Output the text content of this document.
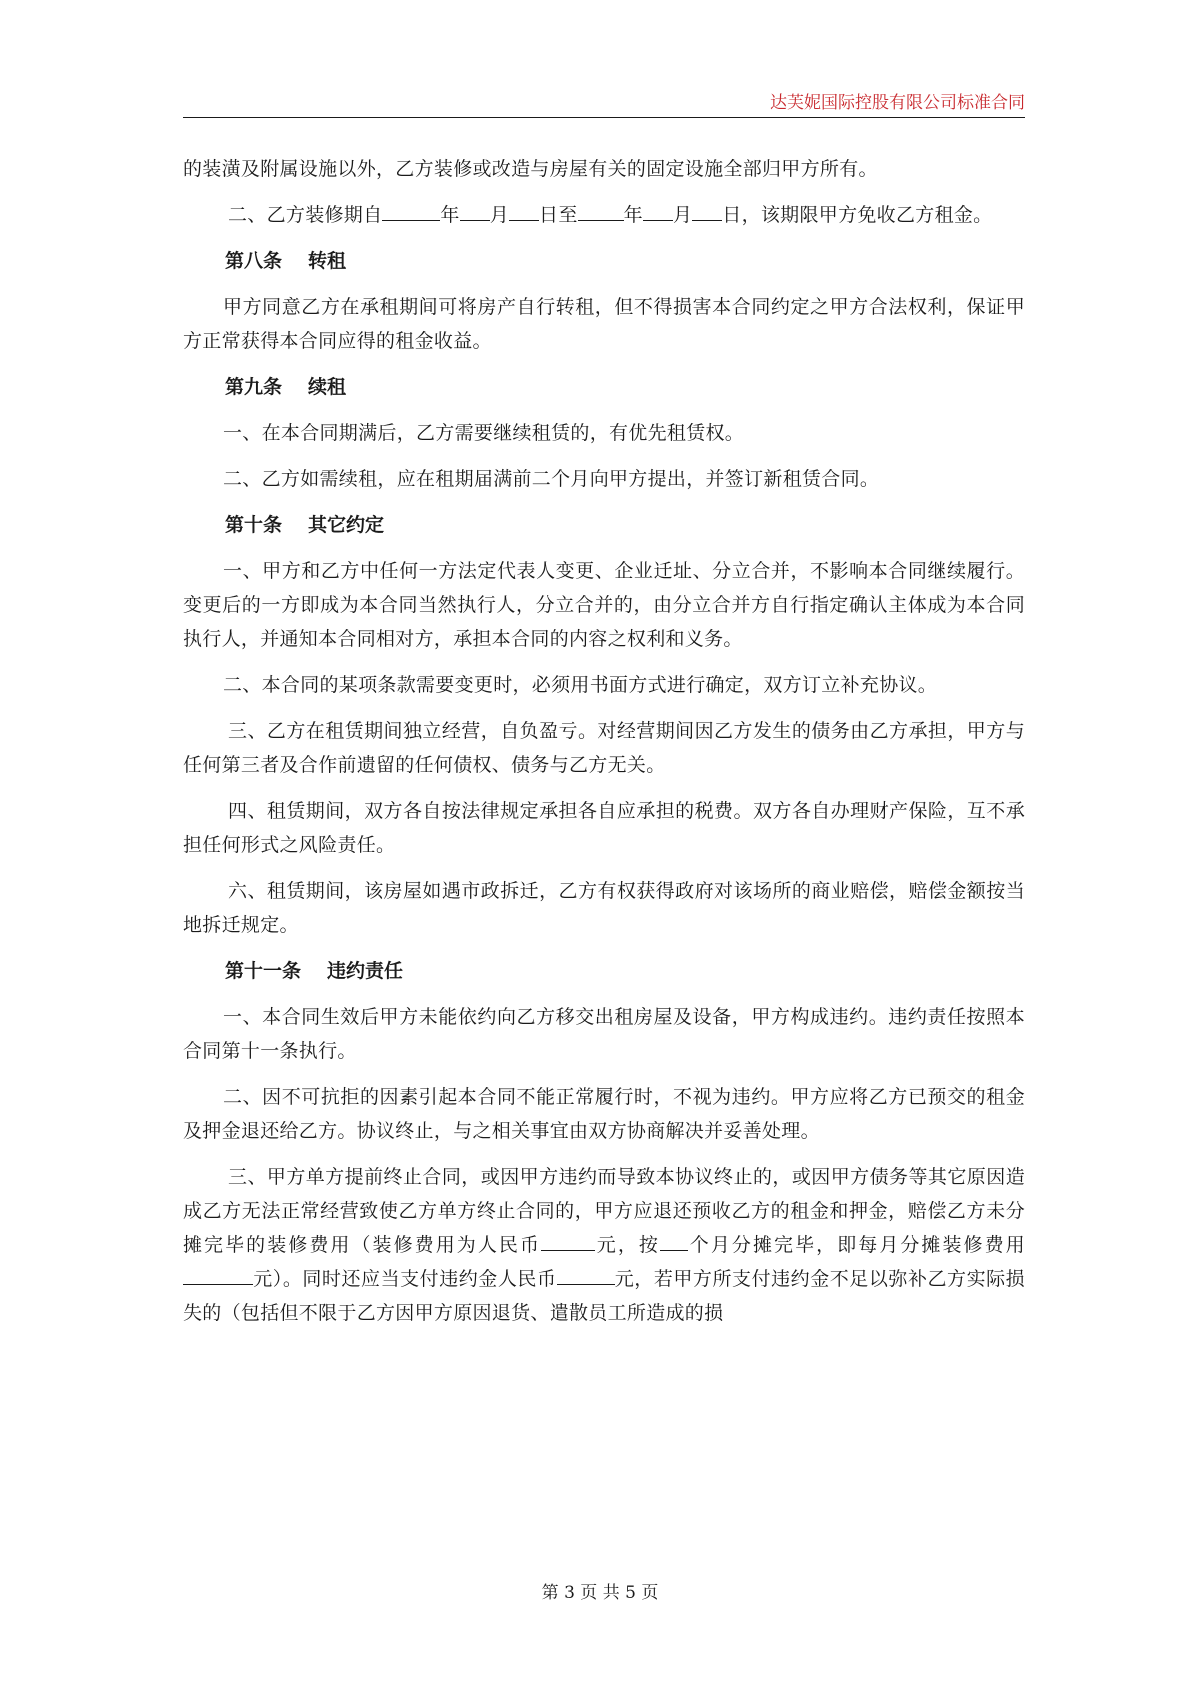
达芙妮国际控股有限公司标准合同

的装潢及附属设施以外，乙方装修或改造与房屋有关的固定设施全部归甲方所有。

二、乙方装修期自	年 月 日至 年 月 日，该期限甲方免收乙方租金。

第八条 转租

甲方同意乙方在承租期间可将房产自行转租，但不得损害本合同约定之甲方合法权利，保证甲方正常获得本合同应得的租金收益。

第九条 续租

一、在本合同期满后，乙方需要继续租赁的，有优先租赁权。

二、乙方如需续租，应在租期届满前二个月向甲方提出，并签订新租赁合同。

第十条 其它约定

一、甲方和乙方中任何一方法定代表人变更、企业迁址、分立合并，不影响本合同继续履行。变更后的一方即成为本合同当然执行人，分立合并的，由分立合并方自行指定确认主体成为本合同执行人，并通知本合同相对方，承担本合同的内容之权利和义务。

二、本合同的某项条款需要变更时，必须用书面方式进行确定，双方订立补充协议。

三、乙方在租赁期间独立经营，自负盈亏。对经营期间因乙方发生的债务由乙方承担，甲方与任何第三者及合作前遗留的任何债权、债务与乙方无关。

四、租赁期间，双方各自按法律规定承担各自应承担的税费。双方各自办理财产保险，互不承担任何形式之风险责任。

六、租赁期间，该房屋如遇市政拆迁，乙方有权获得政府对该场所的商业赔偿，赔偿金额按当地拆迁规定。

第十一条 违约责任

一、本合同生效后甲方未能依约向乙方移交出租房屋及设备，甲方构成违约。违约责任按照本合同第十一条执行。

二、因不可抗拒的因素引起本合同不能正常履行时，不视为违约。甲方应将乙方已预交的租金及押金退还给乙方。协议终止，与之相关事宜由双方协商解决并妥善处理。

三、甲方单方提前终止合同，或因甲方违约而导致本协议终止的，或因甲方债务等其它原因造成乙方无法正常经营致使乙方单方终止合同的，甲方应退还预收乙方的租金和押金，赔偿乙方未分摊完毕的装修费用（装修费用为人民币	元，按 个月分摊完毕，即每月分摊装修费用元）。同时还应当支付违约金人民币	元，若甲方所支付违约金不足以弥补乙方实际损失的（包括但不限于乙方因甲方原因退货、遣散员工所造成的损

第 3 页 共 5 页
